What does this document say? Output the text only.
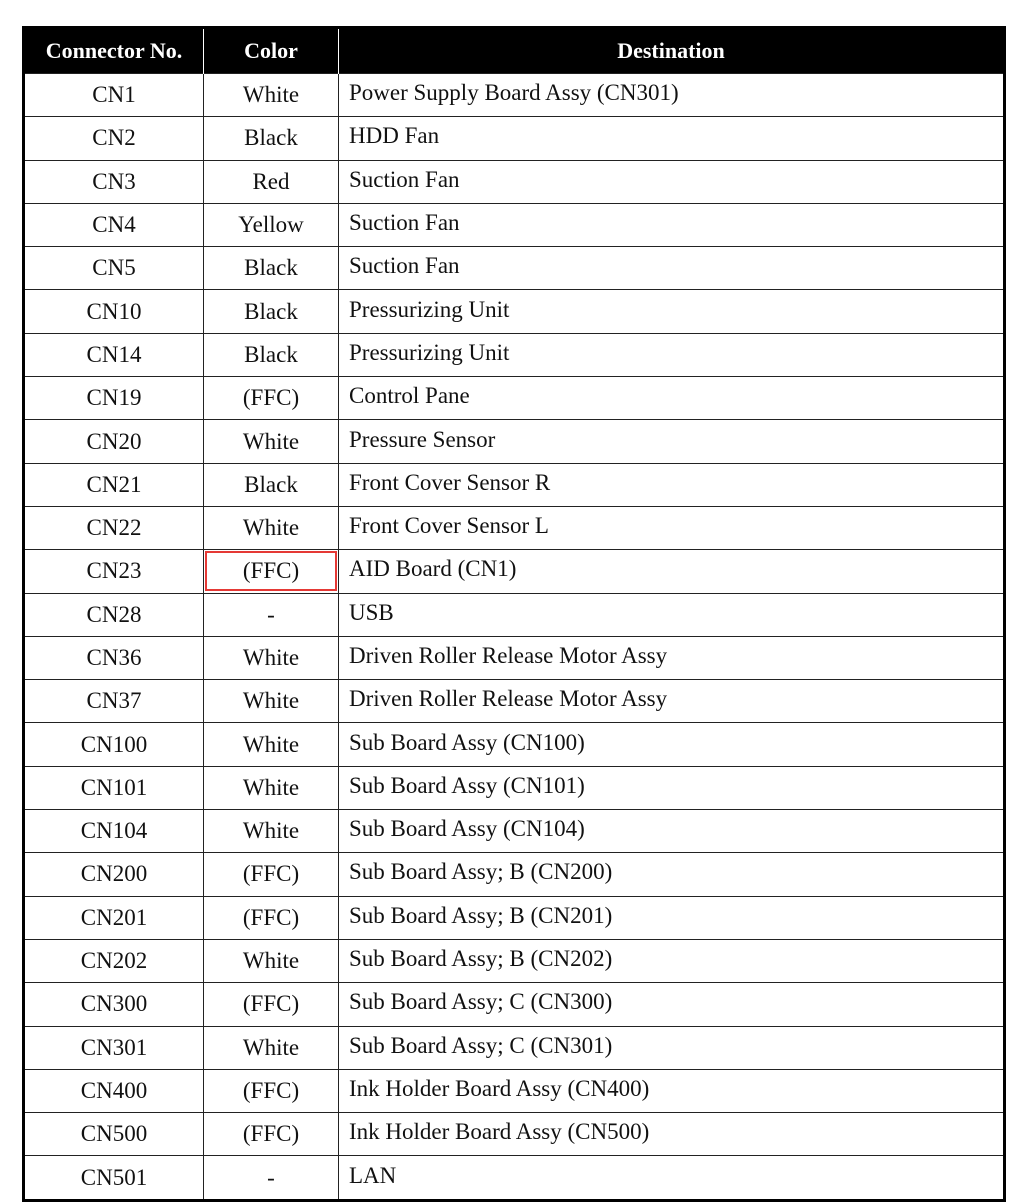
Connector No.	Color	Destination
CN1	White	Power Supply Board Assy (CN301)
CN2	Black	HDD Fan
CN3	Red	Suction Fan
CN4	Yellow	Suction Fan
CN5	Black	Suction Fan
CN10	Black	Pressurizing Unit
CN14	Black	Pressurizing Unit
CN19	(FFC)	Control Pane
CN20	White	Pressure Sensor
CN21	Black	Front Cover Sensor R
CN22	White	Front Cover Sensor L
CN23	(FFC)	AID Board (CN1)
CN28	-	USB
CN36	White	Driven Roller Release Motor Assy
CN37	White	Driven Roller Release Motor Assy
CN100	White	Sub Board Assy (CN100)
CN101	White	Sub Board Assy (CN101)
CN104	White	Sub Board Assy (CN104)
CN200	(FFC)	Sub Board Assy; B (CN200)
CN201	(FFC)	Sub Board Assy; B (CN201)
CN202	White	Sub Board Assy; B (CN202)
CN300	(FFC)	Sub Board Assy; C (CN300)
CN301	White	Sub Board Assy; C (CN301)
CN400	(FFC)	Ink Holder Board Assy (CN400)
CN500	(FFC)	Ink Holder Board Assy (CN500)
CN501	-	LAN
